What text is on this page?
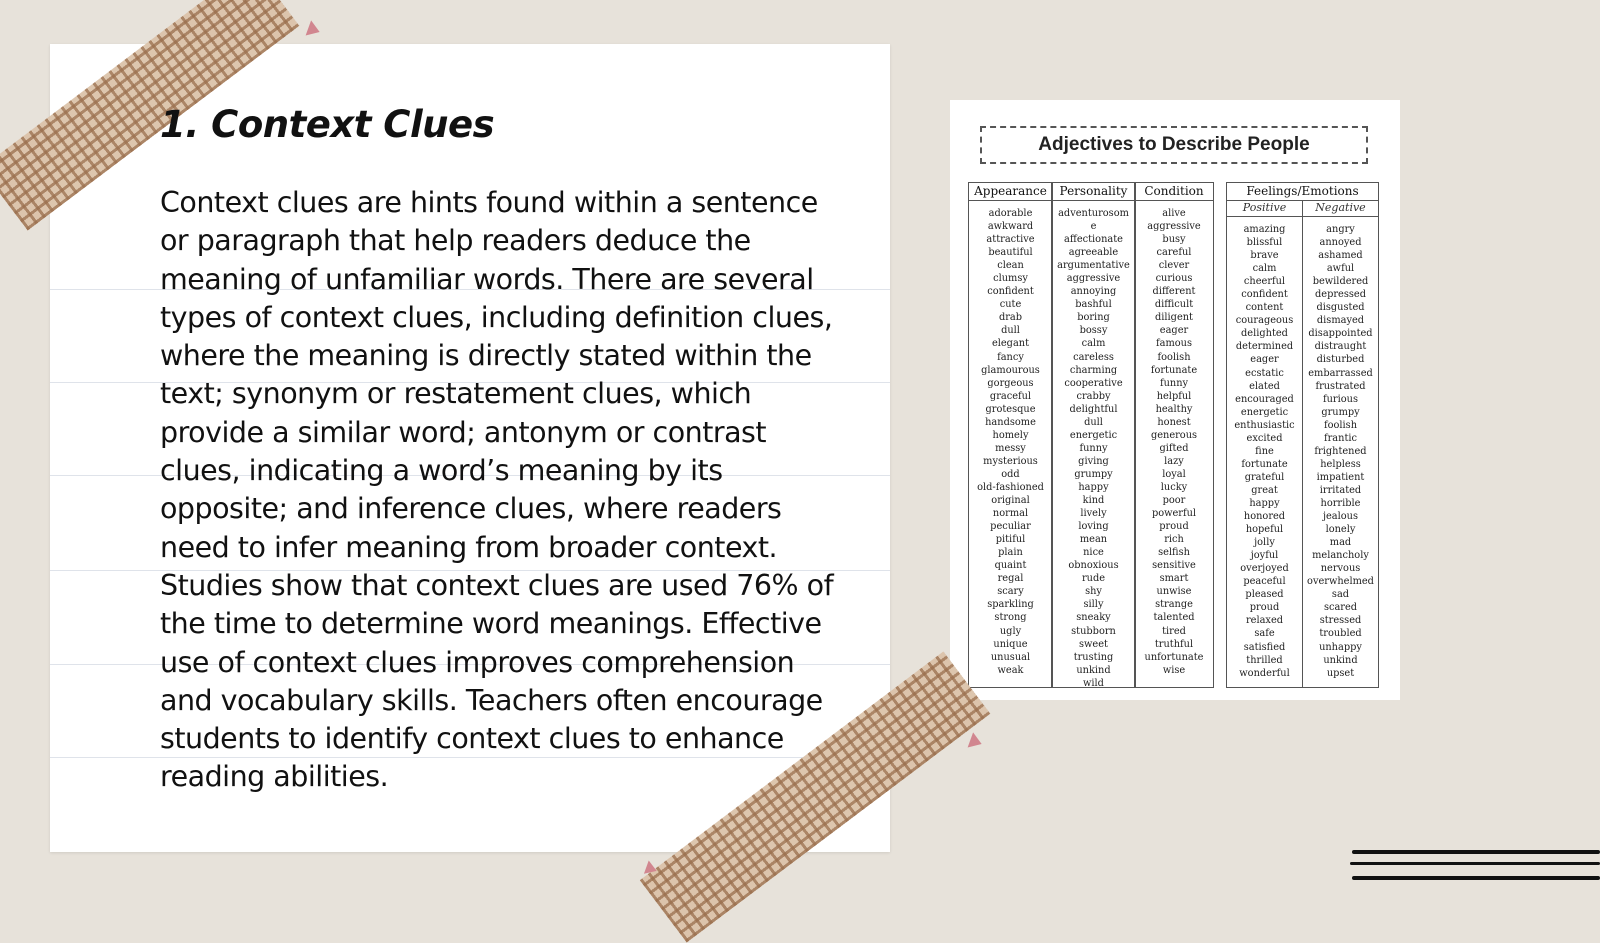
1. Context Clues

Context clues are hints found within a sentence or paragraph that help readers deduce the meaning of unfamiliar words. There are several types of context clues, including definition clues, where the meaning is directly stated within the text; synonym or restatement clues, which provide a similar word; antonym or contrast clues, indicating a word’s meaning by its opposite; and inference clues, where readers need to infer meaning from broader context. Studies show that context clues are used 76% of the time to determine word meanings. Effective use of context clues improves comprehension and vocabulary skills. Teachers often encourage students to identify context clues to enhance reading abilities.

Adjectives to Describe People
Appearance
adorable
awkward
attractive
beautiful
clean
clumsy
confident
cute
drab
dull
elegant
fancy
glamourous
gorgeous
graceful
grotesque
handsome
homely
messy
mysterious
odd
old-fashioned
original
normal
peculiar
pitiful
plain
quaint
regal
scary
sparkling
strong
ugly
unique
unusual
weak
Personality
adventurosom
e
affectionate
agreeable
argumentative
aggressive
annoying
bashful
boring
bossy
calm
careless
charming
cooperative
crabby
delightful
dull
energetic
funny
giving
grumpy
happy
kind
lively
loving
mean
nice
obnoxious
rude
shy
silly
sneaky
stubborn
sweet
trusting
unkind
wild
Condition
alive
aggressive
busy
careful
clever
curious
different
difficult
diligent
eager
famous
foolish
fortunate
funny
helpful
healthy
honest
generous
gifted
lazy
loyal
lucky
poor
powerful
proud
rich
selfish
sensitive
smart
unwise
strange
talented
tired
truthful
unfortunate
wise
Feelings/Emotions
Positive	Negative
amazing
blissful
brave
calm
cheerful
confident
content
courageous
delighted
determined
eager
ecstatic
elated
encouraged
energetic
enthusiastic
excited
fine
fortunate
grateful
great
happy
honored
hopeful
jolly
joyful
overjoyed
peaceful
pleased
proud
relaxed
safe
satisfied
thrilled
wonderful
angry
annoyed
ashamed
awful
bewildered
depressed
disgusted
dismayed
disappointed
distraught
disturbed
embarrassed
frustrated
furious
grumpy
foolish
frantic
frightened
helpless
impatient
irritated
horrible
jealous
lonely
mad
melancholy
nervous
overwhelmed
sad
scared
stressed
troubled
unhappy
unkind
upset
